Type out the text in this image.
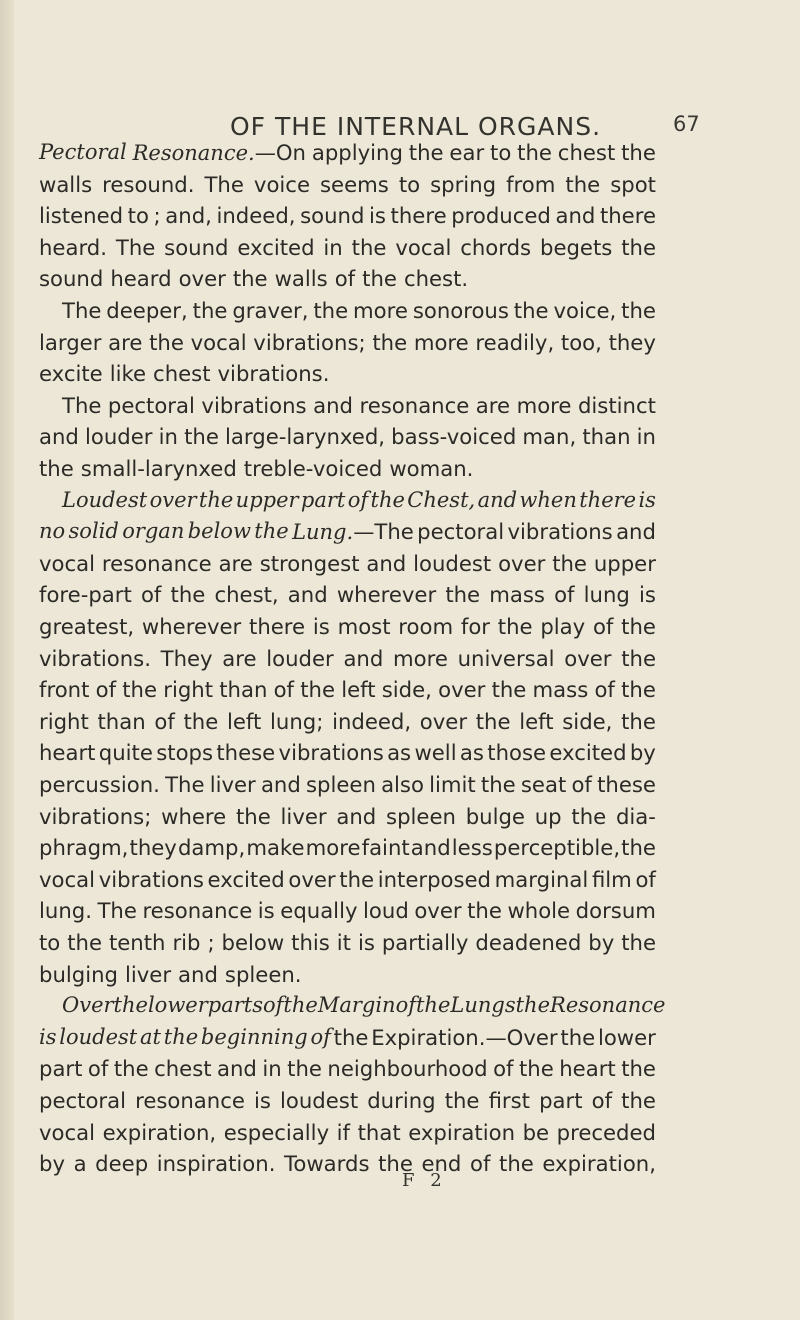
OF THE INTERNAL ORGANS.	67
Pectoral Resonance.—On applying the ear to the chest the
walls resound. The voice seems to spring from the spot
listened to ; and, indeed, sound is there produced and there
heard. The sound excited in the vocal chords begets the
sound heard over the walls of the chest.
The deeper, the graver, the more sonorous the voice, the
larger are the vocal vibrations; the more readily, too, they
excite like chest vibrations.
The pectoral vibrations and resonance are more distinct
and louder in the large-larynxed, bass-voiced man, than in
the small-larynxed treble-voiced woman.
Loudest over the upper part of the Chest, and when there is
no solid organ below the Lung.—The pectoral vibrations and
vocal resonance are strongest and loudest over the upper
fore-part of the chest, and wherever the mass of lung is
greatest, wherever there is most room for the play of the
vibrations. They are louder and more universal over the
front of the right than of the left side, over the mass of the
right than of the left lung; indeed, over the left side, the
heart quite stops these vibrations as well as those excited by
percussion. The liver and spleen also limit the seat of these
vibrations; where the liver and spleen bulge up the dia-
phragm, they damp, make more faint and less perceptible, the
vocal vibrations excited over the interposed marginal film of
lung. The resonance is equally loud over the whole dorsum
to the tenth rib ; below this it is partially deadened by the
bulging liver and spleen.
Over the lower parts of the Margin of the Lungs the Resonance
is loudest at the beginning of the Expiration.—Over the lower
part of the chest and in the neighbourhood of the heart the
pectoral resonance is loudest during the first part of the
vocal expiration, especially if that expiration be preceded
by a deep inspiration. Towards the end of the expiration,
F 2
